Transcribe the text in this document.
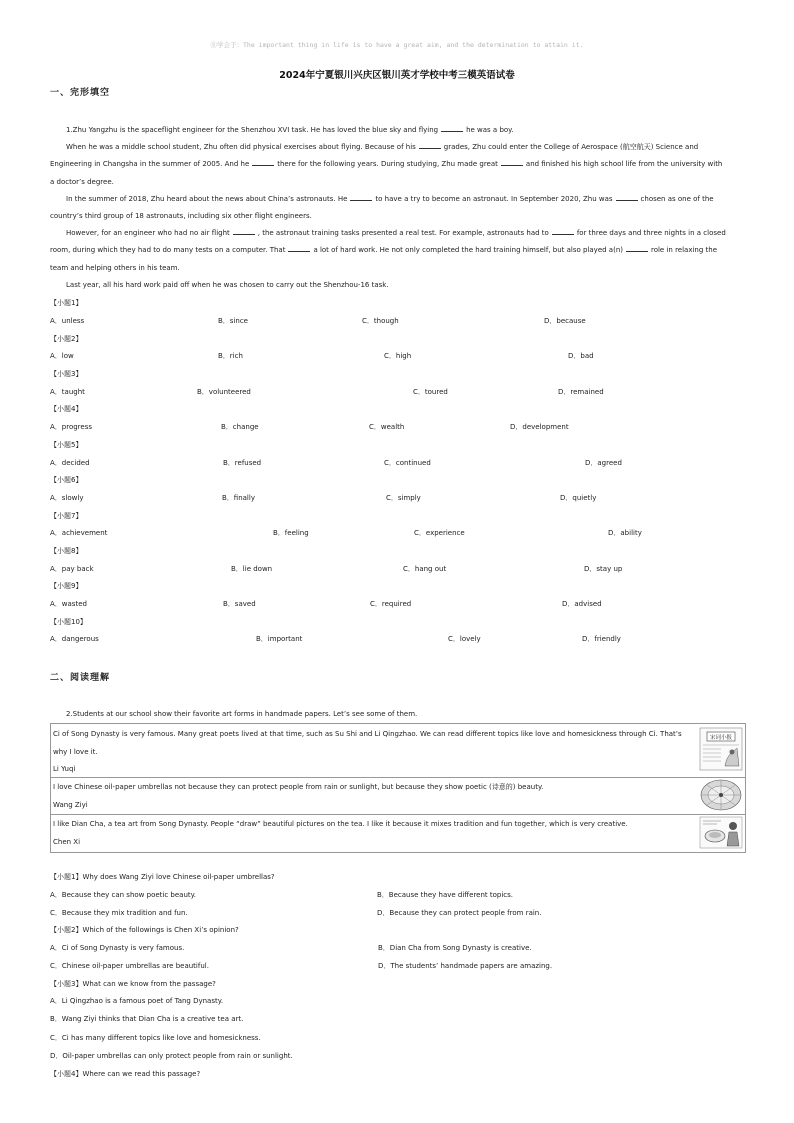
Ⓡ学会于：The important thing in life is to have a great aim, and the determination to attain it.
2024年宁夏银川兴庆区银川英才学校中考三模英语试卷
一、完形填空
1.Zhu Yangzhu is the spaceflight engineer for the Shenzhou XVI task. He has loved the blue sky and flying	he was a boy.
When he was a middle school student, Zhu often did physical exercises about flying. Because of his	grades, Zhu could enter the College of Aerospace (航空航天) Science and
Engineering in Changsha in the summer of 2005. And he	there for the following years. During studying, Zhu made great	and finished his high school life from the university with
a doctor’s degree.
In the summer of 2018, Zhu heard about the news about China’s astronauts. He	to have a try to become an astronaut. In September 2020, Zhu was	chosen as one of the
country’s third group of 18 astronauts, including six other flight engineers.
However, for an engineer who had no air flight	, the astronaut training tasks presented a real test. For example, astronauts had to	for three days and three nights in a closed
room, during which they had to do many tests on a computer. That	a lot of hard work. He not only completed the hard training himself, but also played a(n)	role in relaxing the
team and helping others in his team.
Last year, all his hard work paid off when he was chosen to carry out the Shenzhou-16 task.
【小题1】
A．unless	B．since	C．though	D．because
【小题2】
A．low	B．rich	C．high	D．bad
【小题3】
A．taught	B．volunteered	C．toured	D．remained
【小题4】
A．progress	B．change	C．wealth	D．development
【小题5】
A．decided	B．refused	C．continued	D．agreed
【小题6】
A．slowly	B．finally	C．simply	D．quietly
【小题7】
A．achievement	B．feeling	C．experience	D．ability
【小题8】
A．pay back	B．lie down	C．hang out	D．stay up
【小题9】
A．wasted	B．saved	C．required	D．advised
【小题10】
A．dangerous	B．important	C．lovely	D．friendly
二、阅读理解
2.Students at our school show their favorite art forms in handmade papers. Let’s see some of them.
Ci of Song Dynasty is very famous. Many great poets lived at that time, such as Su Shi and Li Qingzhao. We can read different topics like love and homesickness through Ci. That’s
why I love it.
Li Yuqi
宋词小报
I love Chinese oil-paper umbrellas not because they can protect people from rain or sunlight, but because they show poetic (诗意的) beauty.
Wang Ziyi
I like Dian Cha, a tea art from Song Dynasty. People “draw” beautiful pictures on the tea. I like it because it mixes tradition and fun together, which is very creative.
Chen Xi
【小题1】Why does Wang Ziyi love Chinese oil-paper umbrellas?
A．Because they can show poetic beauty.	B．Because they have different topics.
C．Because they mix tradition and fun.	D．Because they can protect people from rain.
【小题2】Which of the followings is Chen Xi’s opinion?
A．Ci of Song Dynasty is very famous.	B．Dian Cha from Song Dynasty is creative.
C．Chinese oil-paper umbrellas are beautiful.	D．The students’ handmade papers are amazing.
【小题3】What can we know from the passage?
A．Li Qingzhao is a famous poet of Tang Dynasty.
B．Wang Ziyi thinks that Dian Cha is a creative tea art.
C．Ci has many different topics like love and homesickness.
D．Oil-paper umbrellas can only protect people from rain or sunlight.
【小题4】Where can we read this passage?
